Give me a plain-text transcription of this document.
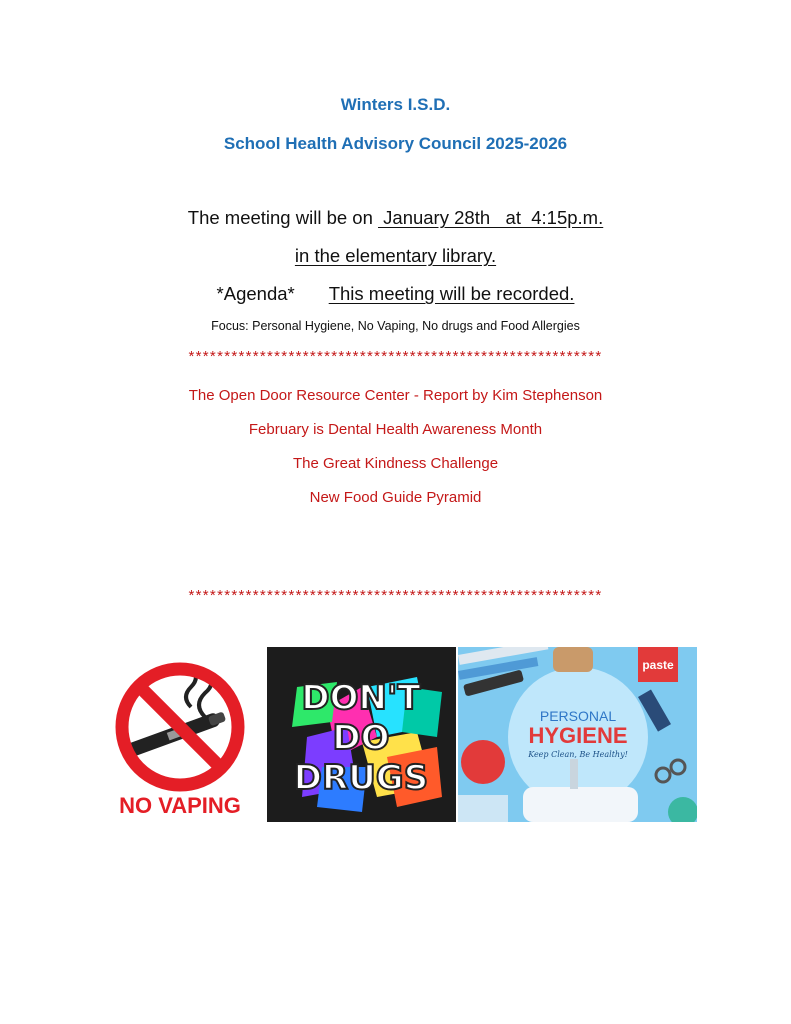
Winters I.S.D.
School Health Advisory Council 2025-2026
The meeting will be on  January 28th   at  4:15p.m.
in the elementary library.
*Agenda* This meeting will be recorded.
Focus: Personal Hygiene, No Vaping, No drugs and Food Allergies
**********************************************************
The Open Door Resource Center - Report by Kim Stephenson
February is Dental Health Awareness Month
The Great Kindness Challenge
New Food Guide Pyramid
**********************************************************
NO VAPING
DON'T
DO
DRUGS
paste
PERSONAL
HYGIENE
Keep Clean, Be Healthy!
